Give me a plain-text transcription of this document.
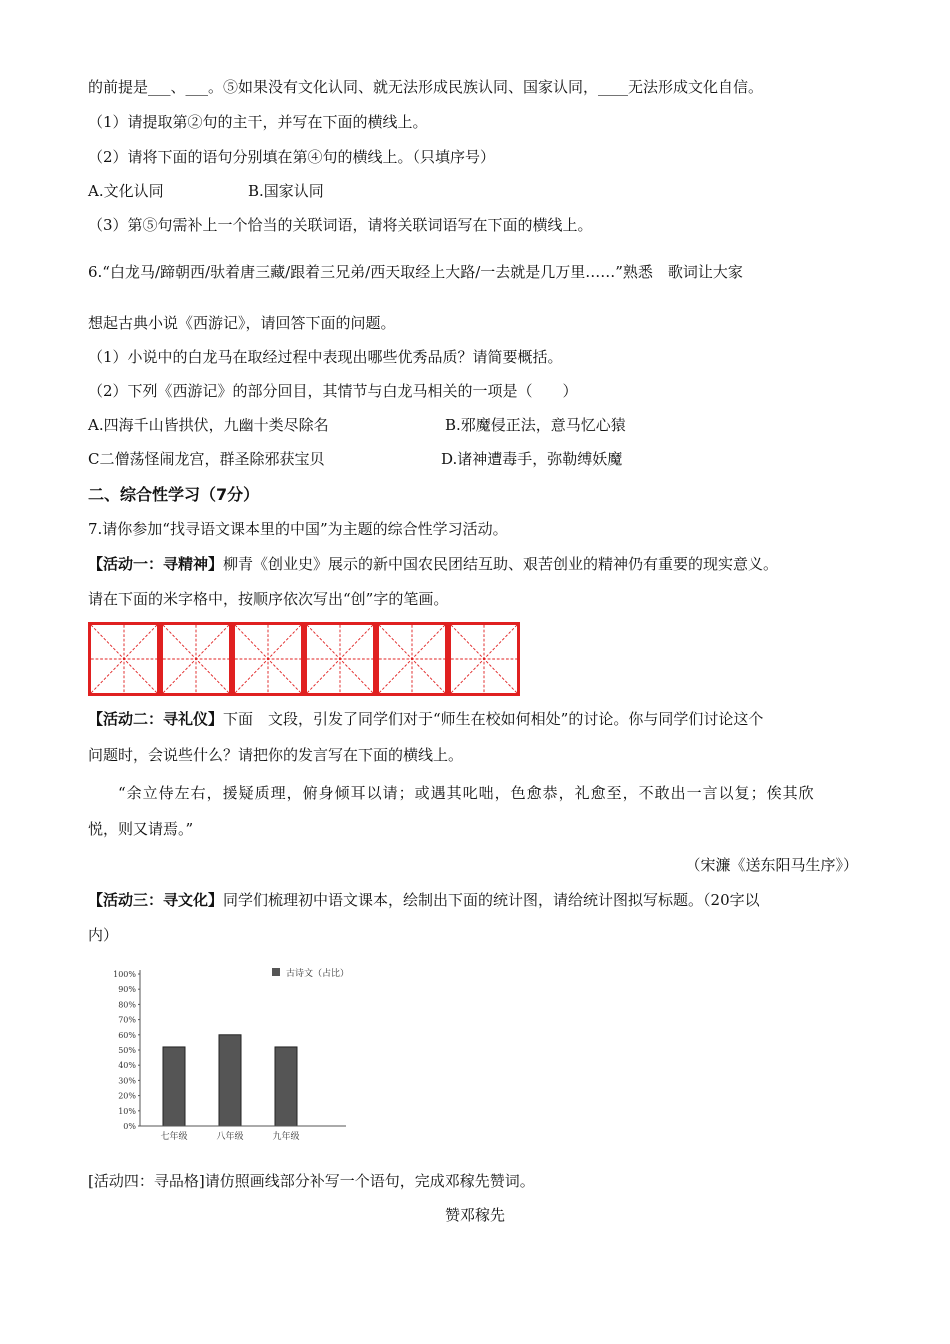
的前提是___、___。⑤如果没有文化认同、就无法形成民族认同、国家认同，____无法形成文化自信。
（1）请提取第②句的主干，并写在下面的横线上。
（2）请将下面的语句分别填在第④句的横线上。（只填序号）
A.文化认同	B.国家认同
（3）第⑤句需补上一个恰当的关联词语，请将关联词语写在下面的横线上。
6.“白龙马/蹄朝西/驮着唐三藏/跟着三兄弟/西天取经上大路/一去就是几万里……”熟悉　歌词让大家
想起古典小说《西游记》，请回答下面的问题。
（1）小说中的白龙马在取经过程中表现出哪些优秀品质？请简要概括。
（2）下列《西游记》的部分回目，其情节与白龙马相关的一项是（　　）
A.四海千山皆拱伏，九幽十类尽除名	B.邪魔侵正法，意马忆心猿
C二僧荡怪闹龙宫，群圣除邪获宝贝	D.诸神遭毒手，弥勒缚妖魔
二、综合性学习（7分）
7.请你参加“找寻语文课本里的中国”为主题的综合性学习活动。
【活动一：寻精神】柳青《创业史》展示的新中国农民团结互助、艰苦创业的精神仍有重要的现实意义。
请在下面的米字格中，按顺序依次写出“创”字的笔画。
【活动二：寻礼仪】下面　文段，引发了同学们对于“师生在校如何相处”的讨论。你与同学们讨论这个
问题时，会说些什么？请把你的发言写在下面的横线上。
“余立侍左右，援疑质理，俯身倾耳以请；或遇其叱咄，色愈恭，礼愈至，不敢出一言以复；俟其欣
悦，则又请焉。”
（宋濂《送东阳马生序》）
【活动三：寻文化】同学们梳理初中语文课本，绘制出下面的统计图，请给统计图拟写标题。（20字以
内）
0%
10%
20%
30%
40%
50%
60%
70%
80%
90%
100%
七年级	八年级	九年级
古诗文（占比）
[活动四：寻品格]请仿照画线部分补写一个语句，完成邓稼先赞词。
赞邓稼先
